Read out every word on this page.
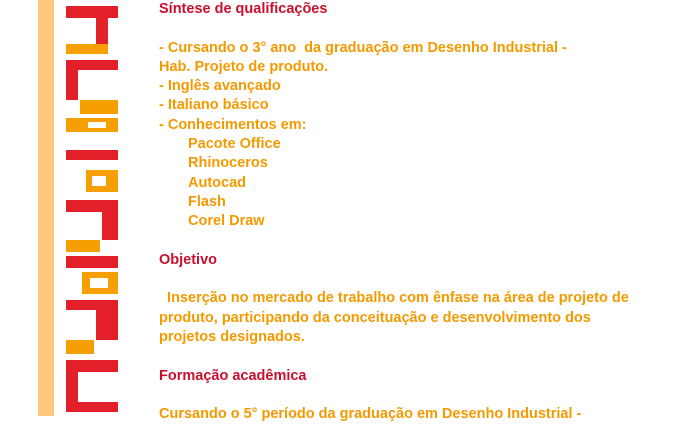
Síntese de qualificações
- Cursando o 3° ano  da graduação em Desenho Industrial -
Hab. Projeto de produto.
- Inglês avançado
- Italiano básico
- Conhecimentos em:
Pacote Office
Rhinoceros
Autocad
Flash
Corel Draw
Objetivo
Inserção no mercado de trabalho com ênfase na área de projeto de
produto, participando da conceituação e desenvolvimento dos
projetos designados.
Formação acadêmica
Cursando o 5° período da graduação em Desenho Industrial -
